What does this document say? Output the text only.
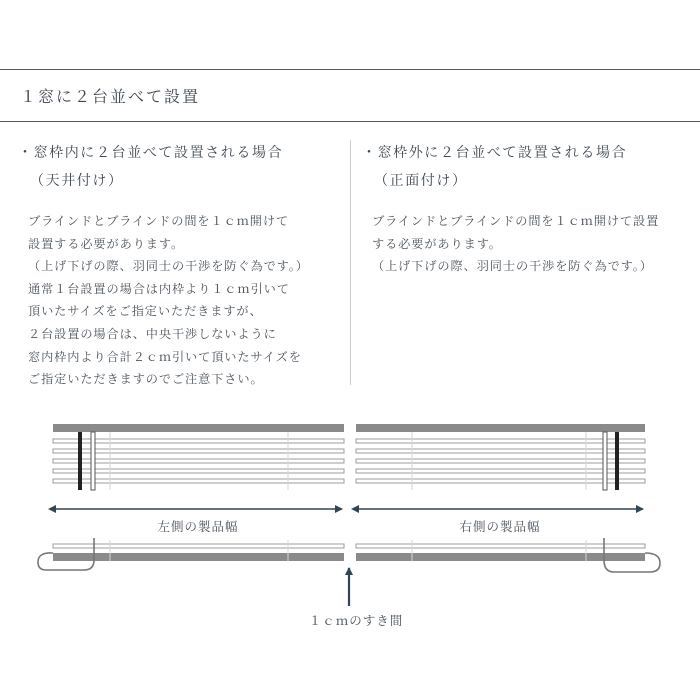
１窓に２台並べて設置
・窓枠内に２台並べて設置される場合
（天井付け）
ブラインドとブラインドの間を１ｃｍ開けて
設置する必要があります。
（上げ下げの際、羽同士の干渉を防ぐ為です。）
通常１台設置の場合は内枠より１ｃｍ引いて
頂いたサイズをご指定いただきますが、
２台設置の場合は、中央干渉しないように
窓内枠内より合計２ｃｍ引いて頂いたサイズを
ご指定いただきますのでご注意下さい。
・窓枠外に２台並べて設置される場合
（正面付け）
ブラインドとブラインドの間を１ｃｍ開けて設置
する必要があります。
（上げ下げの際、羽同士の干渉を防ぐ為です。）
左側の製品幅	右側の製品幅
１ｃｍのすき間
